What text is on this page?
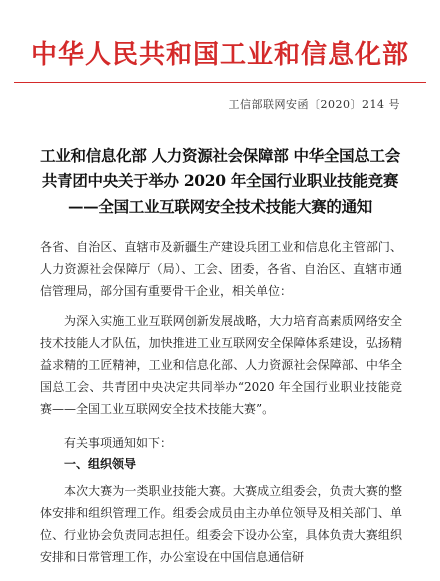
中华人民共和国工业和信息化部
工信部联网安函〔2020〕214 号
工业和信息化部 人力资源社会保障部 中华全国总工会
共青团中央关于举办 2020 年全国行业职业技能竞赛
——全国工业互联网安全技术技能大赛的通知
各省、自治区、直辖市及新疆生产建设兵团工业和信息化主管部门、人力资源社会保障厅（局）、工会、团委，各省、自治区、直辖市通信管理局，部分国有重要骨干企业，相关单位：
为深入实施工业互联网创新发展战略，大力培育高素质网络安全技术技能人才队伍，加快推进工业互联网安全保障体系建设，弘扬精益求精的工匠精神，工业和信息化部、人力资源社会保障部、中华全国总工会、共青团中央决定共同举办“2020 年全国行业职业技能竞赛——全国工业互联网安全技术技能大赛”。
有关事项通知如下：
一、组织领导
本次大赛为一类职业技能大赛。大赛成立组委会，负责大赛的整体安排和组织管理工作。组委会成员由主办单位领导及相关部门、单位、行业协会负责同志担任。组委会下设办公室，具体负责大赛组织安排和日常管理工作，办公室设在中国信息通信研
